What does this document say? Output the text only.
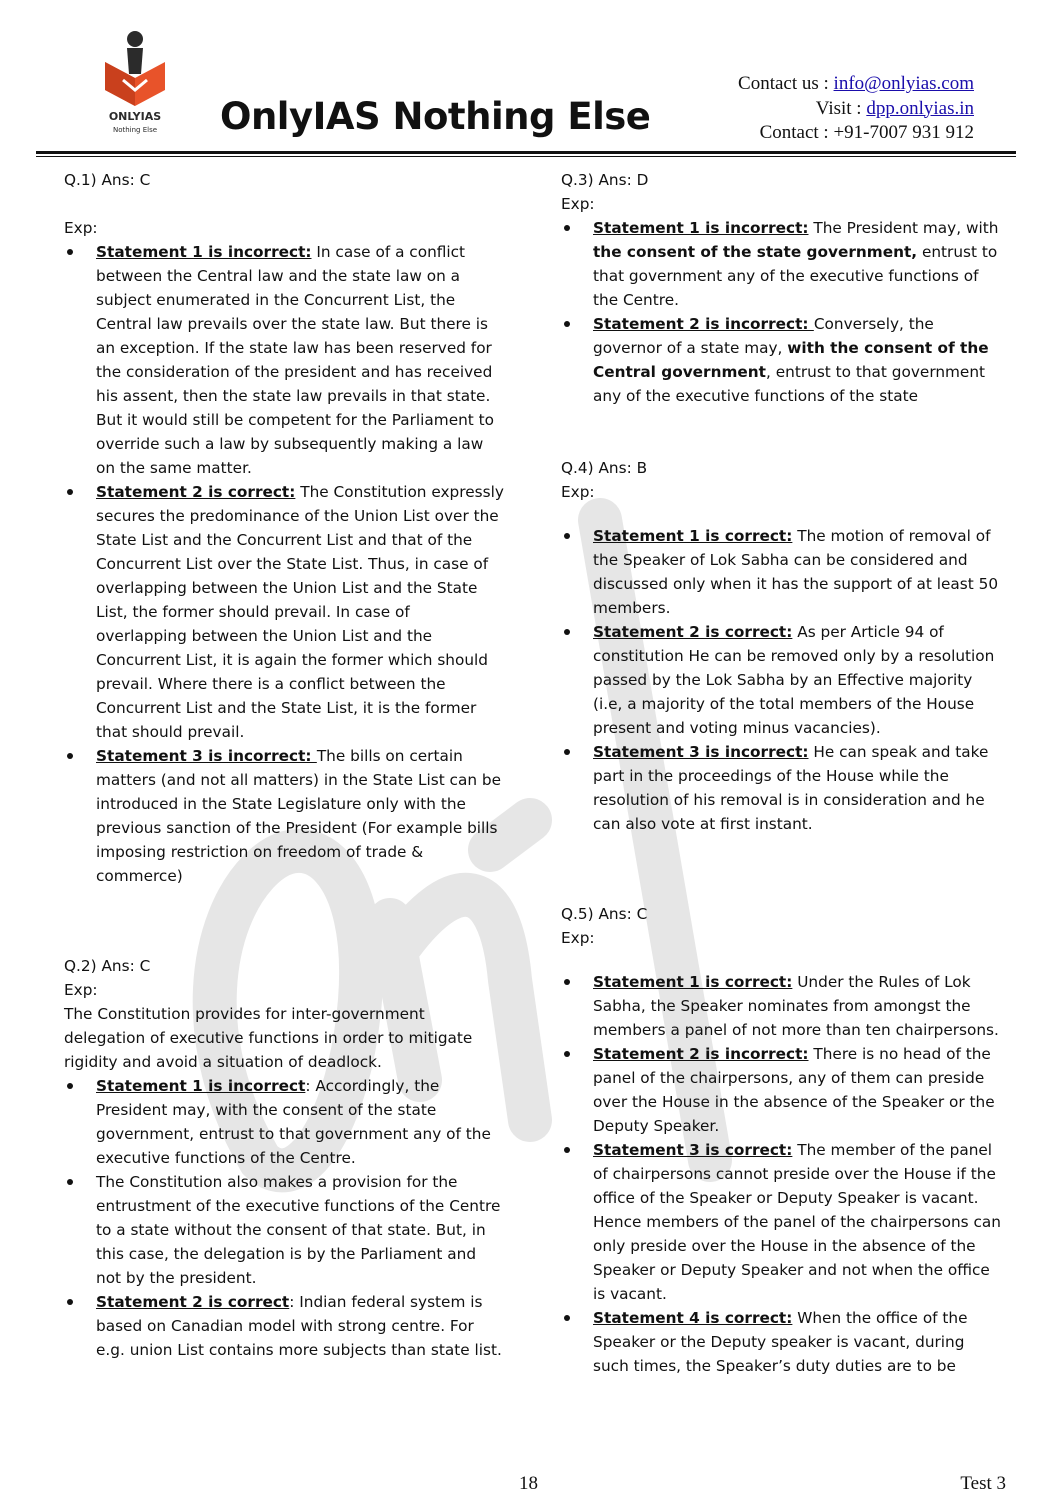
ONLYIAS
Nothing Else OnlyIAS Nothing Else
Contact us : info@onlyias.com
Visit : dpp.onlyias.in
Contact : +91-7007 931 912
Q.1) Ans: C
Exp:
Statement 1 is incorrect: In case of a conflict between the Central law and the state law on a subject enumerated in the Concurrent List, the Central law prevails over the state law. But there is an exception. If the state law has been reserved for the consideration of the president and has received his assent, then the state law prevails in that state. But it would still be competent for the Parliament to override such a law by subsequently making a law on the same matter.
Statement 2 is correct: The Constitution expressly secures the predominance of the Union List over the State List and the Concurrent List and that of the Concurrent List over the State List. Thus, in case of overlapping between the Union List and the State List, the former should prevail. In case of overlapping between the Union List and the Concurrent List, it is again the former which should prevail. Where there is a conflict between the Concurrent List and the State List, it is the former that should prevail.
Statement 3 is incorrect: The bills on certain matters (and not all matters) in the State List can be introduced in the State Legislature only with the previous sanction of the President (For example bills imposing restriction on freedom of trade & commerce)
Q.2) Ans: C
Exp:

The Constitution provides for inter-government delegation of executive functions in order to mitigate rigidity and avoid a situation of deadlock.

Statement 1 is incorrect: Accordingly, the President may, with the consent of the state government, entrust to that government any of the executive functions of the Centre.
The Constitution also makes a provision for the entrustment of the executive functions of the Centre to a state without the consent of that state. But, in this case, the delegation is by the Parliament and not by the president.
Statement 2 is correct: Indian federal system is based on Canadian model with strong centre. For e.g. union List contains more subjects than state list.
Q.3) Ans: D
Exp:
Statement 1 is incorrect: The President may, with the consent of the state government, entrust to that government any of the executive functions of the Centre.
Statement 2 is incorrect: Conversely, the governor of a state may, with the consent of the Central government, entrust to that government any of the executive functions of the state
Q.4) Ans: B
Exp:
Statement 1 is correct: The motion of removal of the Speaker of Lok Sabha can be considered and discussed only when it has the support of at least 50 members.
Statement 2 is correct: As per Article 94 of constitution He can be removed only by a resolution passed by the Lok Sabha by an Effective majority (i.e, a majority of the total members of the House present and voting minus vacancies).
Statement 3 is incorrect: He can speak and take part in the proceedings of the House while the resolution of his removal is in consideration and he can also vote at first instant.
Q.5) Ans: C
Exp:
Statement 1 is correct: Under the Rules of Lok Sabha, the Speaker nominates from amongst the members a panel of not more than ten chairpersons.
Statement 2 is incorrect: There is no head of the panel of the chairpersons, any of them can preside over the House in the absence of the Speaker or the Deputy Speaker.
Statement 3 is correct: The member of the panel of chairpersons cannot preside over the House if the office of the Speaker or Deputy Speaker is vacant. Hence members of the panel of the chairpersons can only preside over the House in the absence of the Speaker or Deputy Speaker and not when the office is vacant.
Statement 4 is correct: When the office of the Speaker or the Deputy speaker is vacant, during such times, the Speaker’s duty duties are to be
18	Test 3
